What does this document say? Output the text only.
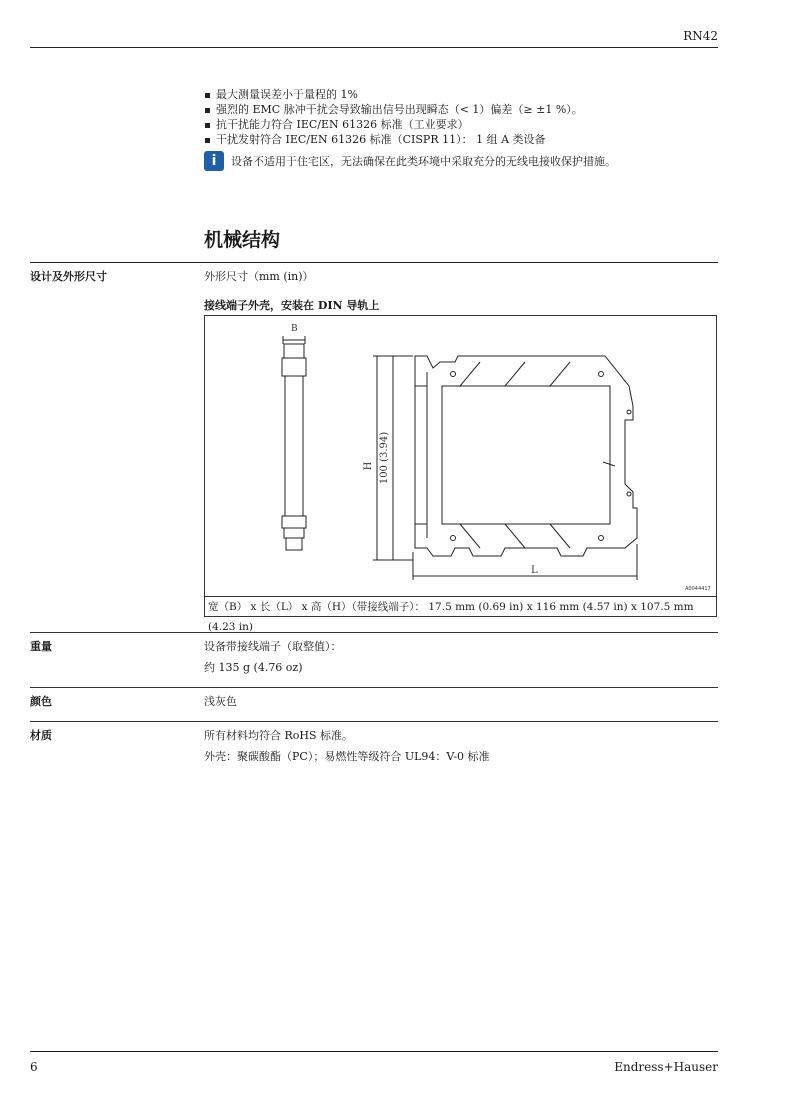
RN42
最大测量误差小于量程的 1%
强烈的 EMC 脉冲干扰会导致输出信号出现瞬态（< 1）偏差（≥ ±1 %）。
抗干扰能力符合 IEC/EN 61326 标准（工业要求）
干扰发射符合 IEC/EN 61326 标准（CISPR 11）： 1 组 A 类设备
i	设备不适用于住宅区，无法确保在此类环境中采取充分的无线电接收保护措施。
机械结构
设计及外形尺寸	外形尺寸（mm (in)）
接线端子外壳，安装在 DIN 导轨上
B
H 100 (3.94)
L
A0044417
宽（B） x 长（L） x 高（H）（带接线端子）： 17.5 mm (0.69 in) x 116 mm (4.57 in) x 107.5 mm (4.23 in)
重量	设备带接线端子（取整值）：
约 135 g (4.76 oz)
颜色	浅灰色
材质	所有材料均符合 RoHS 标准。
外壳：聚碳酸酯（PC）；易燃性等级符合 UL94：V-0 标准
6	Endress+Hauser
